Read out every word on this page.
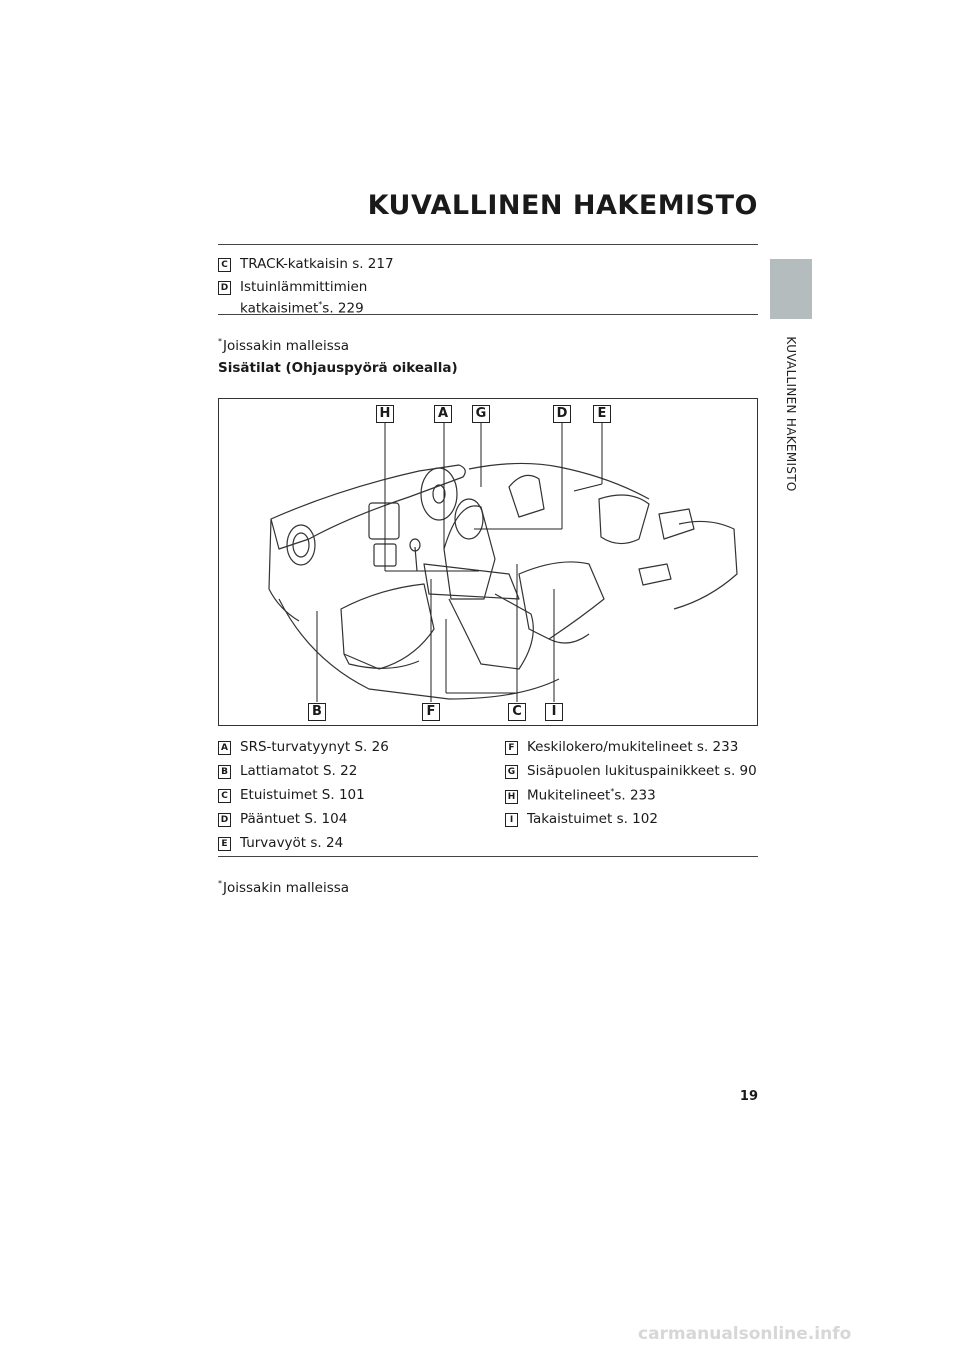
KUVALLINEN HAKEMISTO
KUVALLINEN HAKEMISTO
C TRACK-katkaisin s. 217
D Istuinlämmittimien
katkaisimet*s. 229
*Joissakin malleissa
Sisätilat (Ohjauspyörä oikealla)
H	A	G	D	E
B	F	C	I
A SRS-turvatyynyt S. 26
B Lattiamatot S. 22
C Etuistuimet S. 101
D Pääntuet S. 104
E Turvavyöt s. 24
F Keskilokero/mukitelineet s. 233
G Sisäpuolen lukituspainikkeet s. 90
H Mukitelineet*s. 233
I Takaistuimet s. 102
*Joissakin malleissa
19
carmanualsonline.info
